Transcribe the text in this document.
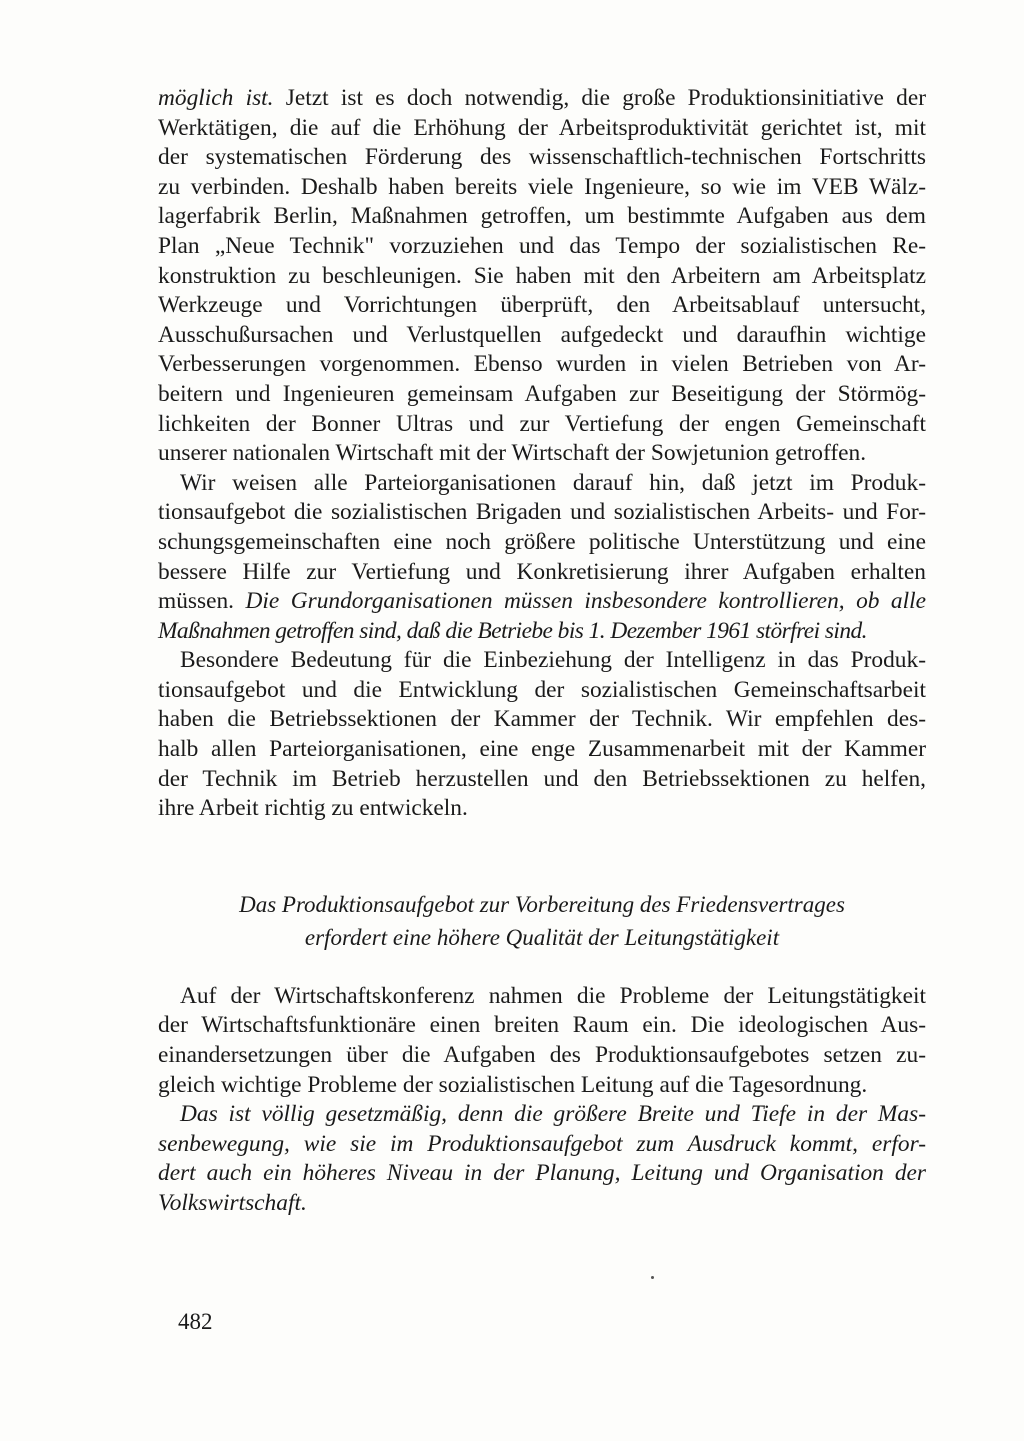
möglich ist. Jetzt ist es doch notwendig, die große Produktionsinitiative der
Werktätigen, die auf die Erhöhung der Arbeitsproduktivität gerichtet ist, mit
der systematischen Förderung des wissenschaftlich-technischen Fortschritts
zu verbinden. Deshalb haben bereits viele Ingenieure, so wie im VEB Wälz-
lagerfabrik Berlin, Maßnahmen getroffen, um bestimmte Aufgaben aus dem
Plan „Neue Technik" vorzuziehen und das Tempo der sozialistischen Re-
konstruktion zu beschleunigen. Sie haben mit den Arbeitern am Arbeitsplatz
Werkzeuge und Vorrichtungen überprüft, den Arbeitsablauf untersucht,
Ausschußursachen und Verlustquellen aufgedeckt und daraufhin wichtige
Verbesserungen vorgenommen. Ebenso wurden in vielen Betrieben von Ar-
beitern und Ingenieuren gemeinsam Aufgaben zur Beseitigung der Störmög-
lichkeiten der Bonner Ultras und zur Vertiefung der engen Gemeinschaft
unserer nationalen Wirtschaft mit der Wirtschaft der Sowjetunion getroffen.

Wir weisen alle Parteiorganisationen darauf hin, daß jetzt im Produk-
tionsaufgebot die sozialistischen Brigaden und sozialistischen Arbeits- und For-
schungsgemeinschaften eine noch größere politische Unterstützung und eine
bessere Hilfe zur Vertiefung und Konkretisierung ihrer Aufgaben erhalten
müssen. Die Grundorganisationen müssen insbesondere kontrollieren, ob alle
Maßnahmen getroffen sind, daß die Betriebe bis 1. Dezember 1961 störfrei sind.

Besondere Bedeutung für die Einbeziehung der Intelligenz in das Produk-
tionsaufgebot und die Entwicklung der sozialistischen Gemeinschaftsarbeit
haben die Betriebssektionen der Kammer der Technik. Wir empfehlen des-
halb allen Parteiorganisationen, eine enge Zusammenarbeit mit der Kammer
der Technik im Betrieb herzustellen und den Betriebssektionen zu helfen,
ihre Arbeit richtig zu entwickeln.

Das Produktionsaufgebot zur Vorbereitung des Friedensvertrages
erfordert eine höhere Qualität der Leitungstätigkeit

Auf der Wirtschaftskonferenz nahmen die Probleme der Leitungstätigkeit
der Wirtschaftsfunktionäre einen breiten Raum ein. Die ideologischen Aus-
einandersetzungen über die Aufgaben des Produktionsaufgebotes setzen zu-
gleich wichtige Probleme der sozialistischen Leitung auf die Tagesordnung.

Das ist völlig gesetzmäßig, denn die größere Breite und Tiefe in der Mas-
senbewegung, wie sie im Produktionsaufgebot zum Ausdruck kommt, erfor-
dert auch ein höheres Niveau in der Planung, Leitung und Organisation der
Volkswirtschaft.

482
